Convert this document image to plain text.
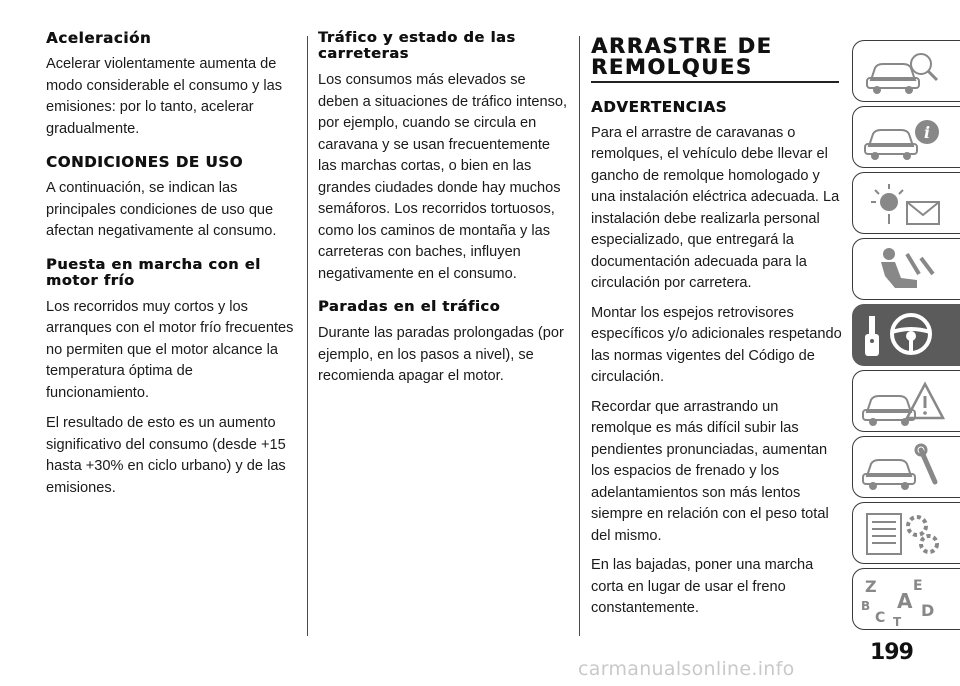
Aceleración

Acelerar violentamente aumenta de modo considerable el consumo y las emisiones: por lo tanto, acelerar gradualmente.

CONDICIONES DE USO

A continuación, se indican las principales condiciones de uso que afectan negativamente al consumo.

Puesta en marcha con el motor frío

Los recorridos muy cortos y los arranques con el motor frío frecuentes no permiten que el motor alcance la temperatura óptima de funcionamiento.

El resultado de esto es un aumento significativo del consumo (desde +15 hasta +30% en ciclo urbano) y de las emisiones.

Tráfico y estado de las carreteras

Los consumos más elevados se deben a situaciones de tráfico intenso, por ejemplo, cuando se circula en caravana y se usan frecuentemente las marchas cortas, o bien en las grandes ciudades donde hay muchos semáforos. Los recorridos tortuosos, como los caminos de montaña y las carreteras con baches, influyen negativamente en el consumo.

Paradas en el tráfico

Durante las paradas prolongadas (por ejemplo, en los pasos a nivel), se recomienda apagar el motor.

ARRASTRE DE
REMOLQUES
ADVERTENCIAS

Para el arrastre de caravanas o remolques, el vehículo debe llevar el gancho de remolque homologado y una instalación eléctrica adecuada. La instalación debe realizarla personal especializado, que entregará la documentación adecuada para la circulación por carretera.

Montar los espejos retrovisores específicos y/o adicionales respetando las normas vigentes del Código de circulación.

Recordar que arrastrando un remolque es más difícil subir las pendientes pronunciadas, aumentan los espacios de frenado y los adelantamientos son más lentos siempre en relación con el peso total del mismo.

En las bajadas, poner una marcha corta en lugar de usar el freno constantemente.

i
Z	E
B A
C T
D
199
carmanualsonline.info
